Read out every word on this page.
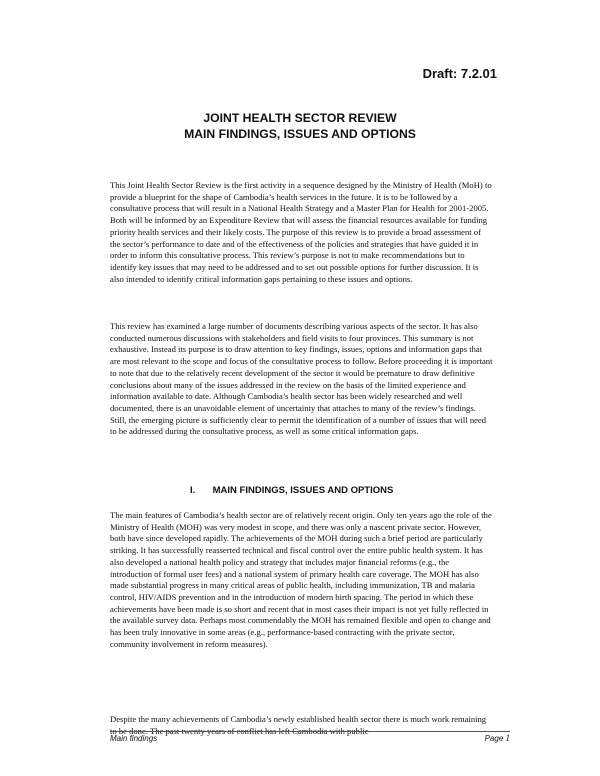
Draft: 7.2.01

JOINT HEALTH SECTOR REVIEW
MAIN FINDINGS, ISSUES AND OPTIONS

This Joint Health Sector Review is the first activity in a sequence designed by the Ministry of Health (MoH) to provide a blueprint for the shape of Cambodia’s health services in the future. It is to be followed by a consultative process that will result in a National Health Strategy and a Master Plan for Health for 2001-2005. Both will be informed by an Expenditure Review that will assess the financial resources available for funding priority health services and their likely costs. The purpose of this review is to provide a broad assessment of the sector’s performance to date and of the effectiveness of the policies and strategies that have guided it in order to inform this consultative process. This review’s purpose is not to make recommendations but to identify key issues that may need to be addressed and to set out possible options for further discussion. It is also intended to identify critical information gaps pertaining to these issues and options.

This review has examined a large number of documents describing various aspects of the sector. It has also conducted numerous discussions with stakeholders and field visits to four provinces. This summary is not exhaustive. Instead its purpose is to draw attention to key findings, issues, options and information gaps that are most relevant to the scope and focus of the consultative process to follow. Before proceeding it is important to note that due to the relatively recent development of the sector it would be premature to draw definitive conclusions about many of the issues addressed in the review on the basis of the limited experience and information available to date. Although Cambodia’s health sector has been widely researched and well documented, there is an unavoidable element of uncertainty that attaches to many of the review’s findings. Still, the emerging picture is sufficiently clear to permit the identification of a number of issues that will need to be addressed during the consultative process, as well as some critical information gaps.

I. MAIN FINDINGS, ISSUES AND OPTIONS

The main features of Cambodia’s health sector are of relatively recent origin. Only ten years ago the role of the Ministry of Health (MOH) was very modest in scope, and there was only a nascent private sector. However, both have since developed rapidly. The achievements of the MOH during such a brief period are particularly striking. It has successfully reasserted technical and fiscal control over the entire public health system. It has also developed a national health policy and strategy that includes major financial reforms (e.g., the introduction of formal user fees) and a national system of primary health care coverage. The MOH has also made substantial progress in many critical areas of public health, including immunization, TB and malaria control, HIV/AIDS prevention and in the introduction of modern birth spacing. The period in which these achievements have been made is so short and recent that in most cases their impact is not yet fully reflected in the available survey data. Perhaps most commendably the MOH has remained flexible and open to change and has been truly innovative in some areas (e.g., performance-based contracting with the private sector, community involvement in reform measures).

Despite the many achievements of Cambodia’s newly established health sector there is much work remaining to be done. The past twenty years of conflict has left Cambodia with public

Main findings	Page 1
